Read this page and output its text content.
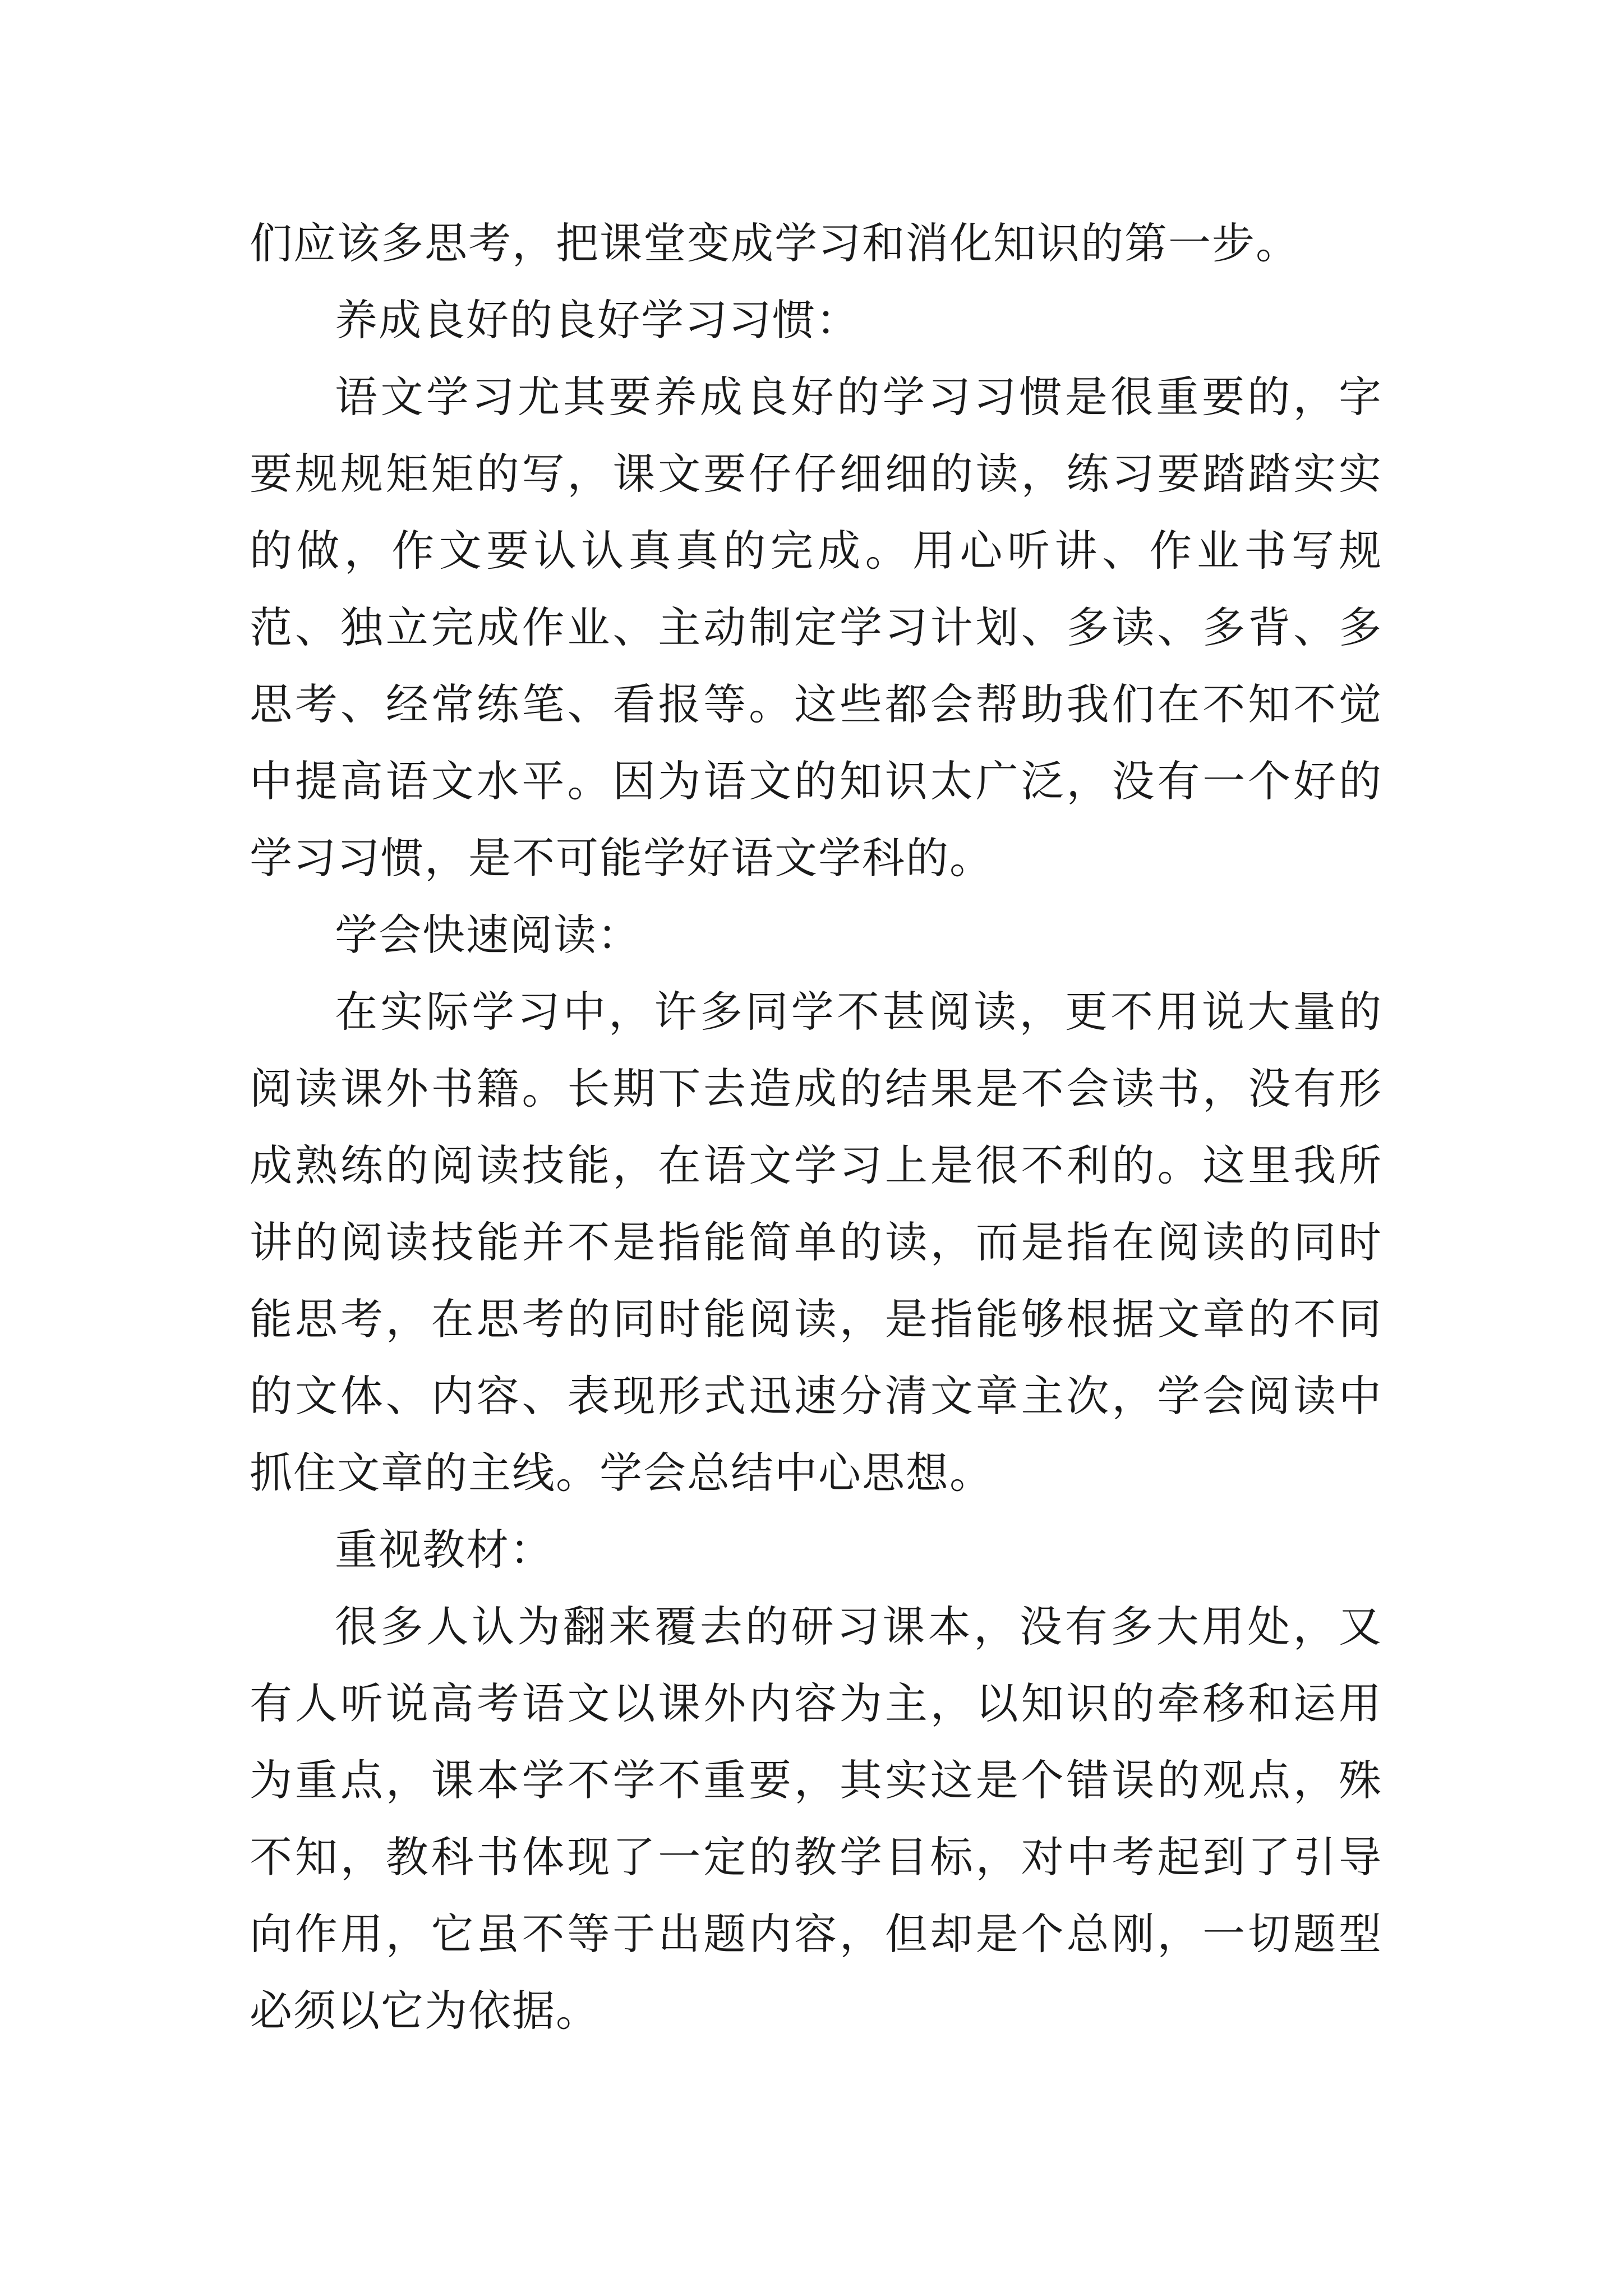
们应该多思考，把课堂变成学习和消化知识的第一步。

养成良好的良好学习习惯：

语文学习尤其要养成良好的学习习惯是很重要的，字要规规矩矩的写，课文要仔仔细细的读，练习要踏踏实实的做，作文要认认真真的完成。用心听讲、作业书写规范、独立完成作业、主动制定学习计划、多读、多背、多思考、经常练笔、看报等。这些都会帮助我们在不知不觉中提高语文水平。因为语文的知识太广泛，没有一个好的学习习惯，是不可能学好语文学科的。

学会快速阅读：

在实际学习中，许多同学不甚阅读，更不用说大量的阅读课外书籍。长期下去造成的结果是不会读书，没有形成熟练的阅读技能，在语文学习上是很不利的。这里我所讲的阅读技能并不是指能简单的读，而是指在阅读的同时能思考，在思考的同时能阅读，是指能够根据文章的不同的文体、内容、表现形式迅速分清文章主次，学会阅读中抓住文章的主线。学会总结中心思想。

重视教材：

很多人认为翻来覆去的研习课本，没有多大用处，又有人听说高考语文以课外内容为主，以知识的牵移和运用为重点，课本学不学不重要，其实这是个错误的观点，殊不知，教科书体现了一定的教学目标，对中考起到了引导向作用，它虽不等于出题内容，但却是个总刚，一切题型必须以它为依据。
